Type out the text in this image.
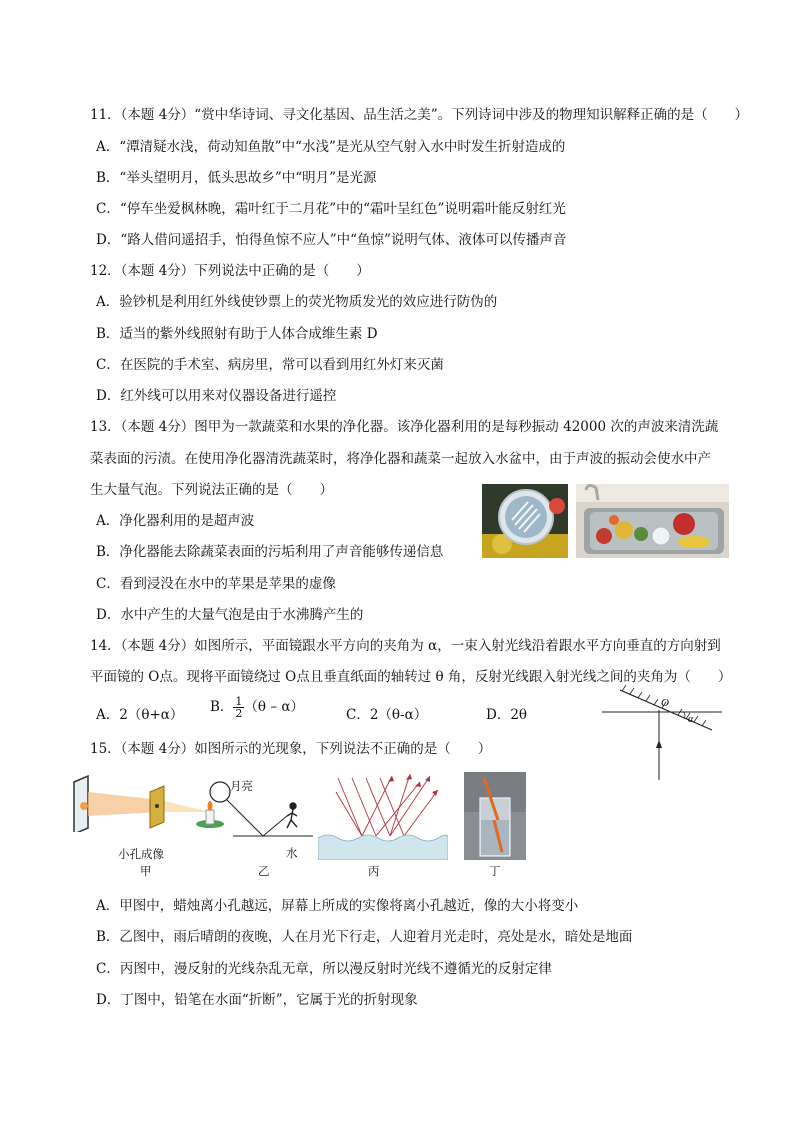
11．（本题 4分）“赏中华诗词、寻文化基因、品生活之美”。下列诗词中涉及的物理知识解释正确的是（　　）
A．“潭清疑水浅，荷动知鱼散”中“水浅”是光从空气射入水中时发生折射造成的
B．“举头望明月，低头思故乡”中“明月”是光源
C．“停车坐爱枫林晚，霜叶红于二月花”中的“霜叶呈红色”说明霜叶能反射红光
D．“路人借问遥招手，怕得鱼惊不应人”中“鱼惊”说明气体、液体可以传播声音
12．（本题 4分）下列说法中正确的是（　　）
A．验钞机是利用红外线使钞票上的荧光物质发光的效应进行防伪的
B．适当的紫外线照射有助于人体合成维生素 D
C．在医院的手术室、病房里，常可以看到用红外灯来灭菌
D．红外线可以用来对仪器设备进行遥控
13．（本题 4分）图甲为一款蔬菜和水果的净化器。该净化器利用的是每秒振动 42000 次的声波来清洗蔬
菜表面的污渍。在使用净化器清洗蔬菜时，将净化器和蔬菜一起放入水盆中，由于声波的振动会使水中产
生大量气泡。下列说法正确的是（　　）
A．净化器利用的是超声波
B．净化器能去除蔬菜表面的污垢利用了声音能够传递信息
C．看到浸没在水中的苹果是苹果的虚像
D．水中产生的大量气泡是由于水沸腾产生的
14．（本题 4分）如图所示，平面镜跟水平方向的夹角为 α，一束入射光线沿着跟水平方向垂直的方向射到
平面镜的 O点。现将平面镜绕过 O点且垂直纸面的轴转过 θ 角，反射光线跟入射光线之间的夹角为（　　）
A．2（θ+α） B． $\frac{1}{2} (\theta - \alpha)$	C．2（θ-α）	D．2θ
O
α
15．（本题 4分）如图所示的光现象，下列说法不正确的是（　　）
小孔成像
甲
月亮
水
乙	丙	丁
A．甲图中，蜡烛离小孔越远，屏幕上所成的实像将离小孔越近，像的大小将变小
B．乙图中，雨后晴朗的夜晚，人在月光下行走，人迎着月光走时，亮处是水，暗处是地面
C．丙图中，漫反射的光线杂乱无章，所以漫反射时光线不遵循光的反射定律
D．丁图中，铅笔在水面“折断”，它属于光的折射现象
